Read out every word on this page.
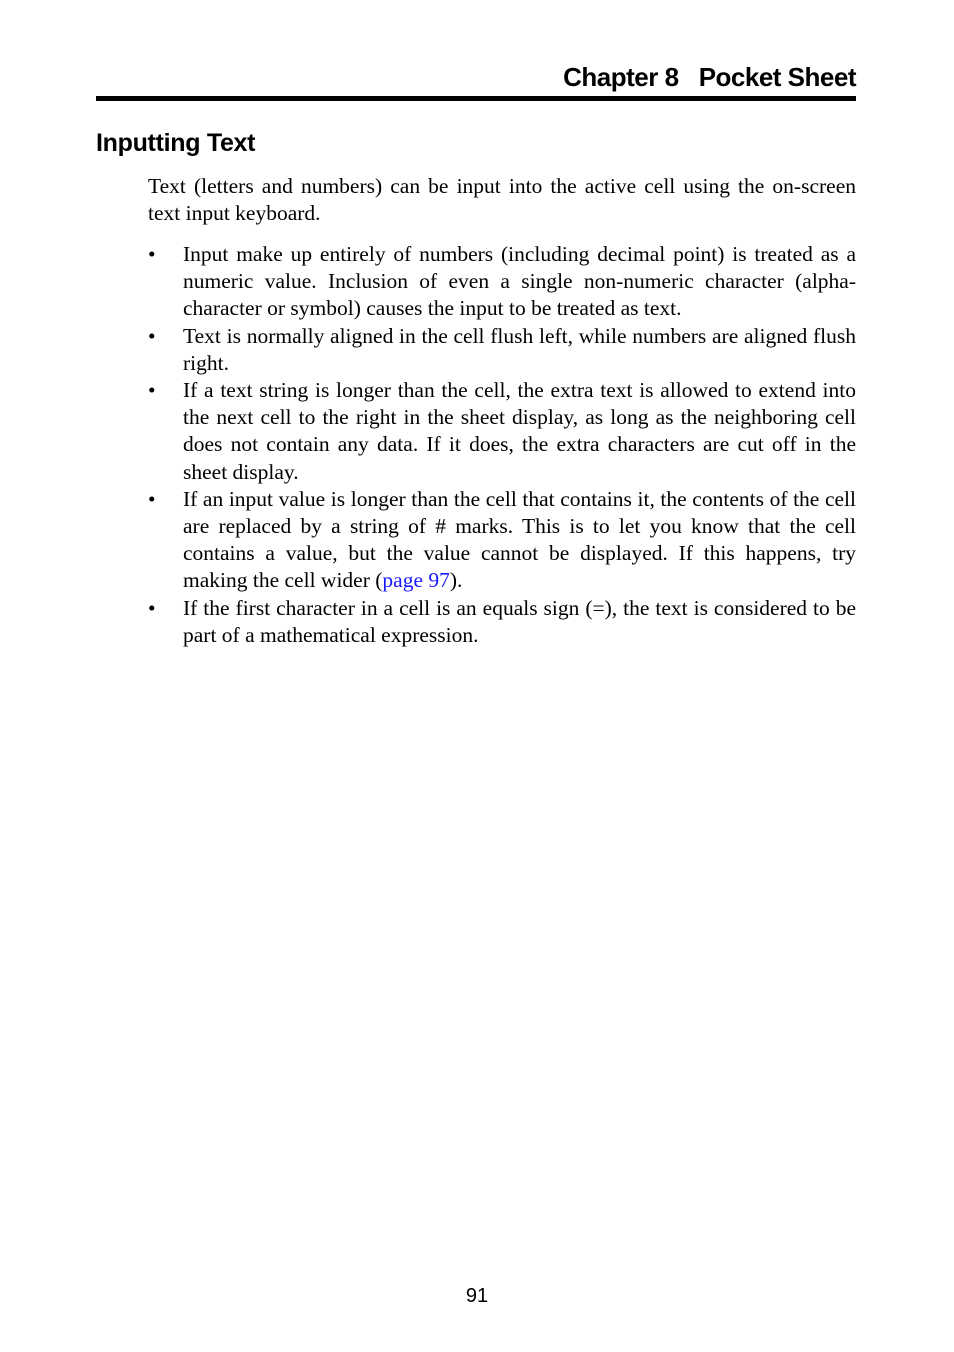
Chapter 8   Pocket Sheet
Inputting Text

Text (letters and numbers) can be input into the active cell using the on-screen text input keyboard.

• Input make up entirely of numbers (including decimal point) is treated as a numeric value. Inclusion of even a single non-numeric character (alpha-character or symbol) causes the input to be treated as text.
• Text is normally aligned in the cell flush left, while numbers are aligned flush right.
• If a text string is longer than the cell, the extra text is allowed to extend into the next cell to the right in the sheet display, as long as the neighboring cell does not contain any data. If it does, the extra characters are cut off in the sheet display.
• If an input value is longer than the cell that contains it, the contents of the cell are replaced by a string of # marks. This is to let you know that the cell contains a value, but the value cannot be displayed. If this happens, try making the cell wider (page 97).
• If the first character in a cell is an equals sign (=), the text is considered to be part of a mathematical expression.
91
